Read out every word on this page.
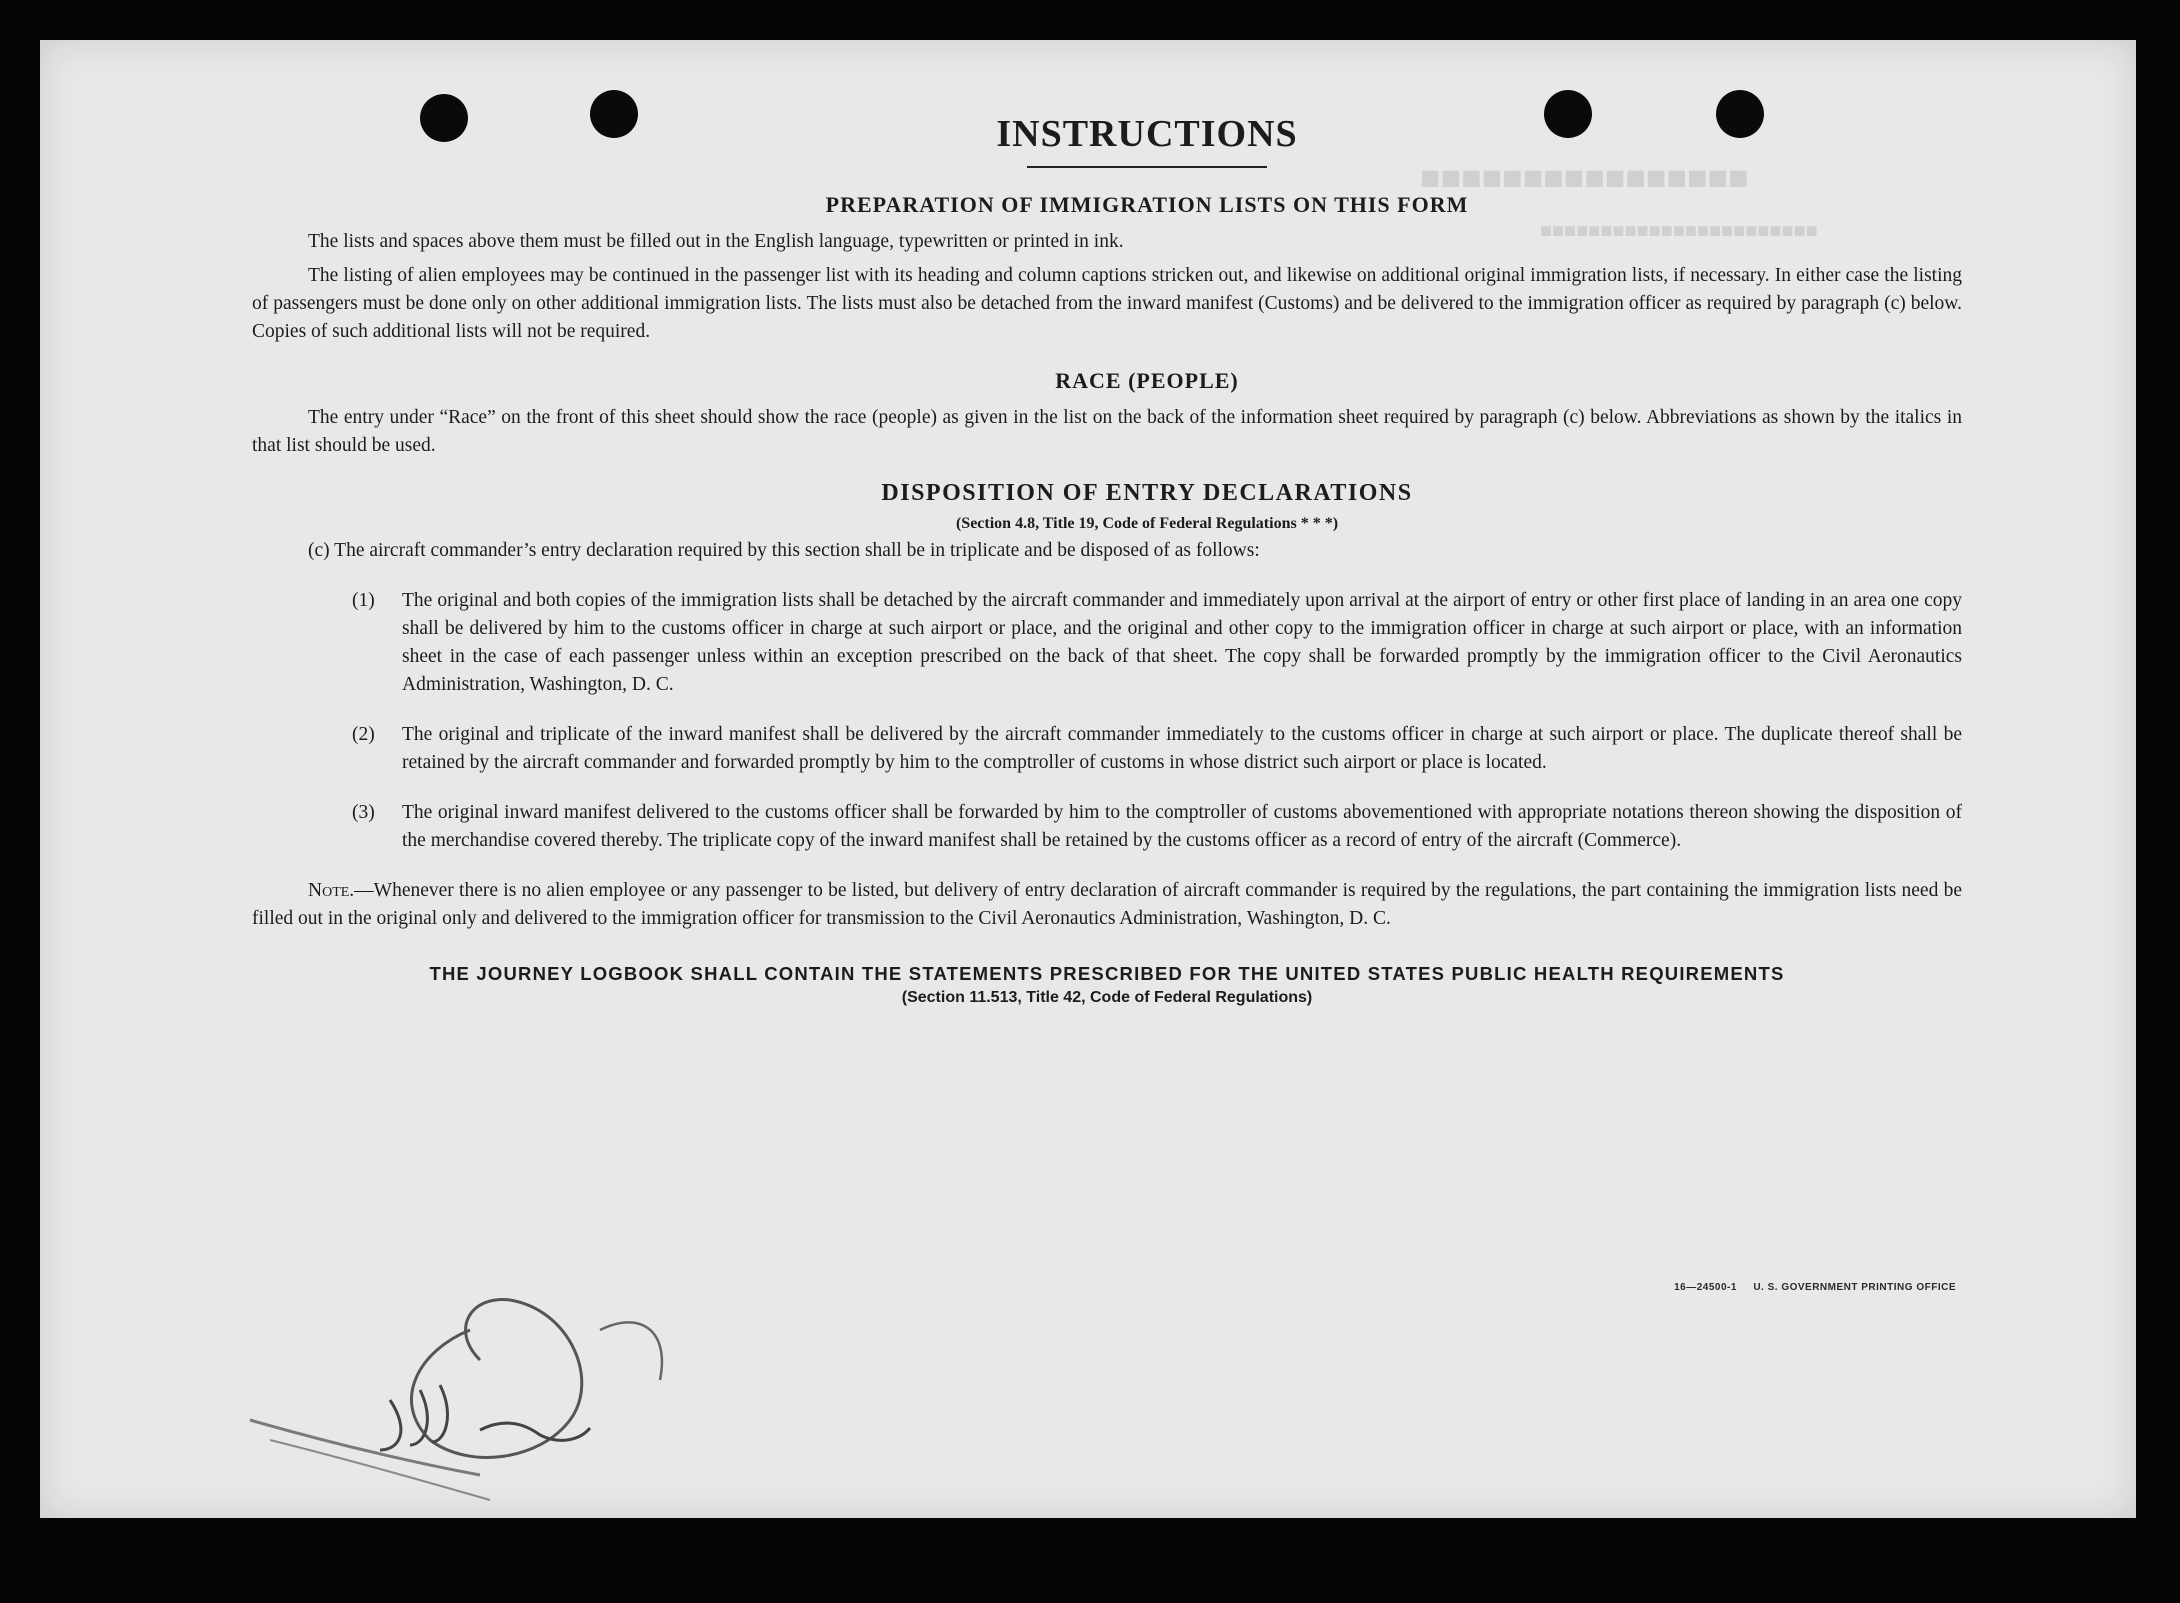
■■■■■■■■■■■■■■■■
■■■■■■■■■■■■■■■■■■■■■■■
INSTRUCTIONS
PREPARATION OF IMMIGRATION LISTS ON THIS FORM

The lists and spaces above them must be filled out in the English language, typewritten or printed in ink.

The listing of alien employees may be continued in the passenger list with its heading and column captions stricken out, and likewise on additional original immigration lists, if necessary. In either case the listing of passengers must be done only on other additional immigration lists. The lists must also be detached from the inward manifest (Customs) and be delivered to the immigration officer as required by paragraph (c) below. Copies of such additional lists will not be required.

RACE (PEOPLE)

The entry under “Race” on the front of this sheet should show the race (people) as given in the list on the back of the information sheet required by paragraph (c) below. Abbreviations as shown by the italics in that list should be used.

DISPOSITION OF ENTRY DECLARATIONS
(Section 4.8, Title 19, Code of Federal Regulations * * *)

(c) The aircraft commander’s entry declaration required by this section shall be in triplicate and be disposed of as follows:

(1) The original and both copies of the immigration lists shall be detached by the aircraft commander and immediately upon arrival at the airport of entry or other first place of landing in an area one copy shall be delivered by him to the customs officer in charge at such airport or place, and the original and other copy to the immigration officer in charge at such airport or place, with an information sheet in the case of each passenger unless within an exception prescribed on the back of that sheet. The copy shall be forwarded promptly by the immigration officer to the Civil Aeronautics Administration, Washington, D. C.
(2) The original and triplicate of the inward manifest shall be delivered by the aircraft commander immediately to the customs officer in charge at such airport or place. The duplicate thereof shall be retained by the aircraft commander and forwarded promptly by him to the comptroller of customs in whose district such airport or place is located.
(3) The original inward manifest delivered to the customs officer shall be forwarded by him to the comptroller of customs abovementioned with appropriate notations thereon showing the disposition of the merchandise covered thereby. The triplicate copy of the inward manifest shall be retained by the customs officer as a record of entry of the aircraft (Commerce).

Note.—Whenever there is no alien employee or any passenger to be listed, but delivery of entry declaration of aircraft commander is required by the regulations, the part containing the immigration lists need be filled out in the original only and delivered to the immigration officer for transmission to the Civil Aeronautics Administration, Washington, D. C.

THE JOURNEY LOGBOOK SHALL CONTAIN THE STATEMENTS PRESCRIBED FOR THE UNITED STATES PUBLIC HEALTH REQUIREMENTS
(Section 11.513, Title 42, Code of Federal Regulations)
16—24500-1 U. S. GOVERNMENT PRINTING OFFICE
